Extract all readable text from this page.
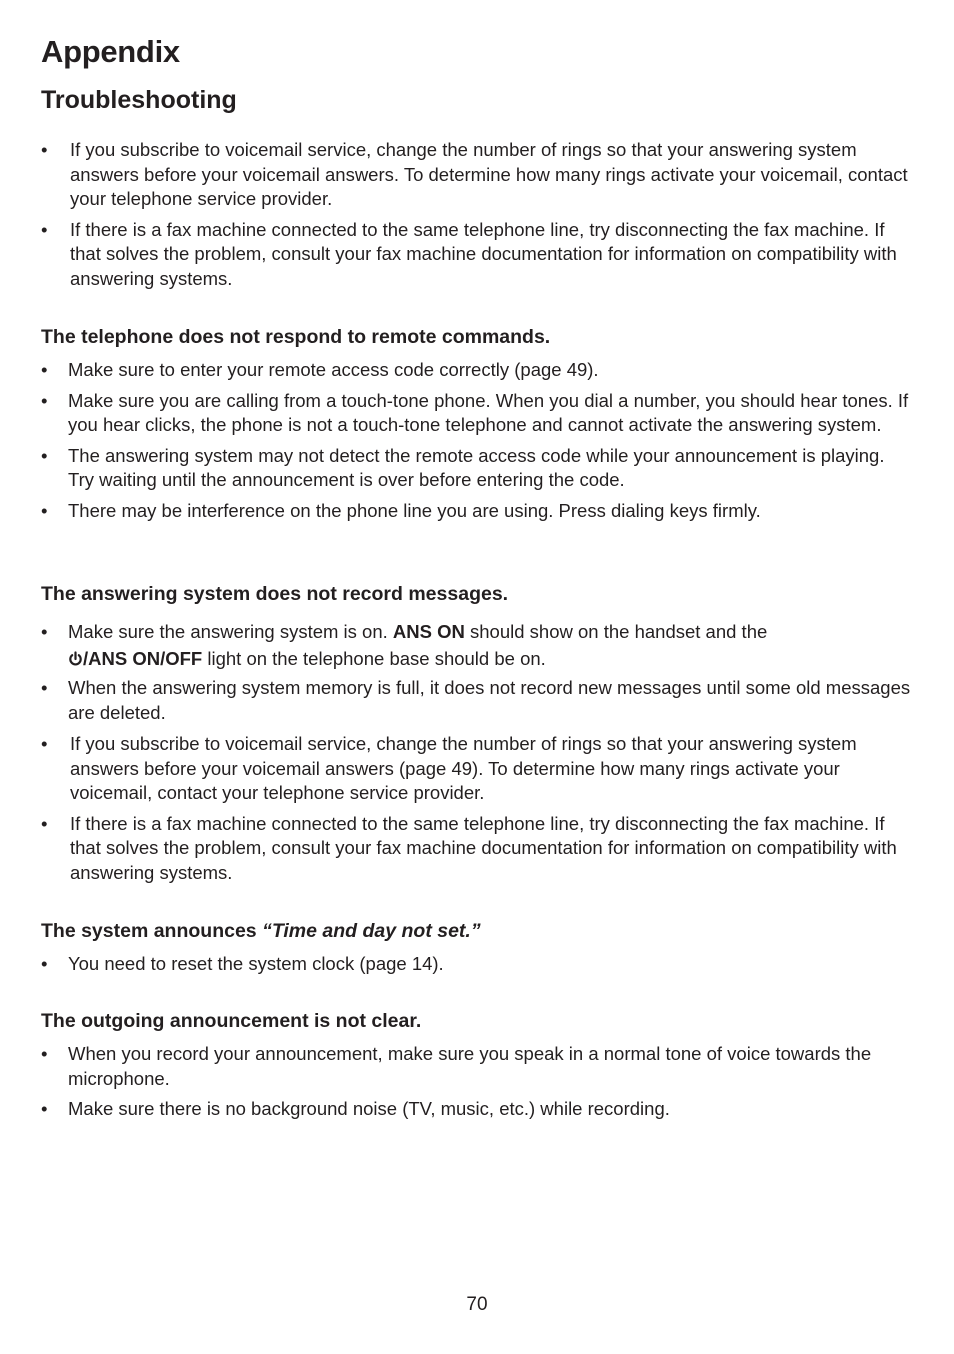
Appendix
Troubleshooting
• If you subscribe to voicemail service, change the number of rings so that your answering system answers before your voicemail answers. To determine how many rings activate your voicemail, contact your telephone service provider.
• If there is a fax machine connected to the same telephone line, try disconnecting the fax machine. If that solves the problem, consult your fax machine documentation for information on compatibility with answering systems.
The telephone does not respond to remote commands.
• Make sure to enter your remote access code correctly (page 49).
• Make sure you are calling from a touch-tone phone. When you dial a number, you should hear tones. If you hear clicks, the phone is not a touch-tone telephone and cannot activate the answering system.
• The answering system may not detect the remote access code while your announcement is playing. Try waiting until the announcement is over before entering the code.
• There may be interference on the phone line you are using. Press dialing keys firmly.
The answering system does not record messages.
• Make sure the answering system is on. ANS ON should show on the handset and the
/ANS ON/OFF light on the telephone base should be on.
• When the answering system memory is full, it does not record new messages until some old messages are deleted.
• If you subscribe to voicemail service, change the number of rings so that your answering system answers before your voicemail answers (page 49). To determine how many rings activate your voicemail, contact your telephone service provider.
• If there is a fax machine connected to the same telephone line, try disconnecting the fax machine. If that solves the problem, consult your fax machine documentation for information on compatibility with answering systems.
The system announces “Time and day not set.”
• You need to reset the system clock (page 14).
The outgoing announcement is not clear.
• When you record your announcement, make sure you speak in a normal tone of voice towards the microphone.
• Make sure there is no background noise (TV, music, etc.) while recording.
70
